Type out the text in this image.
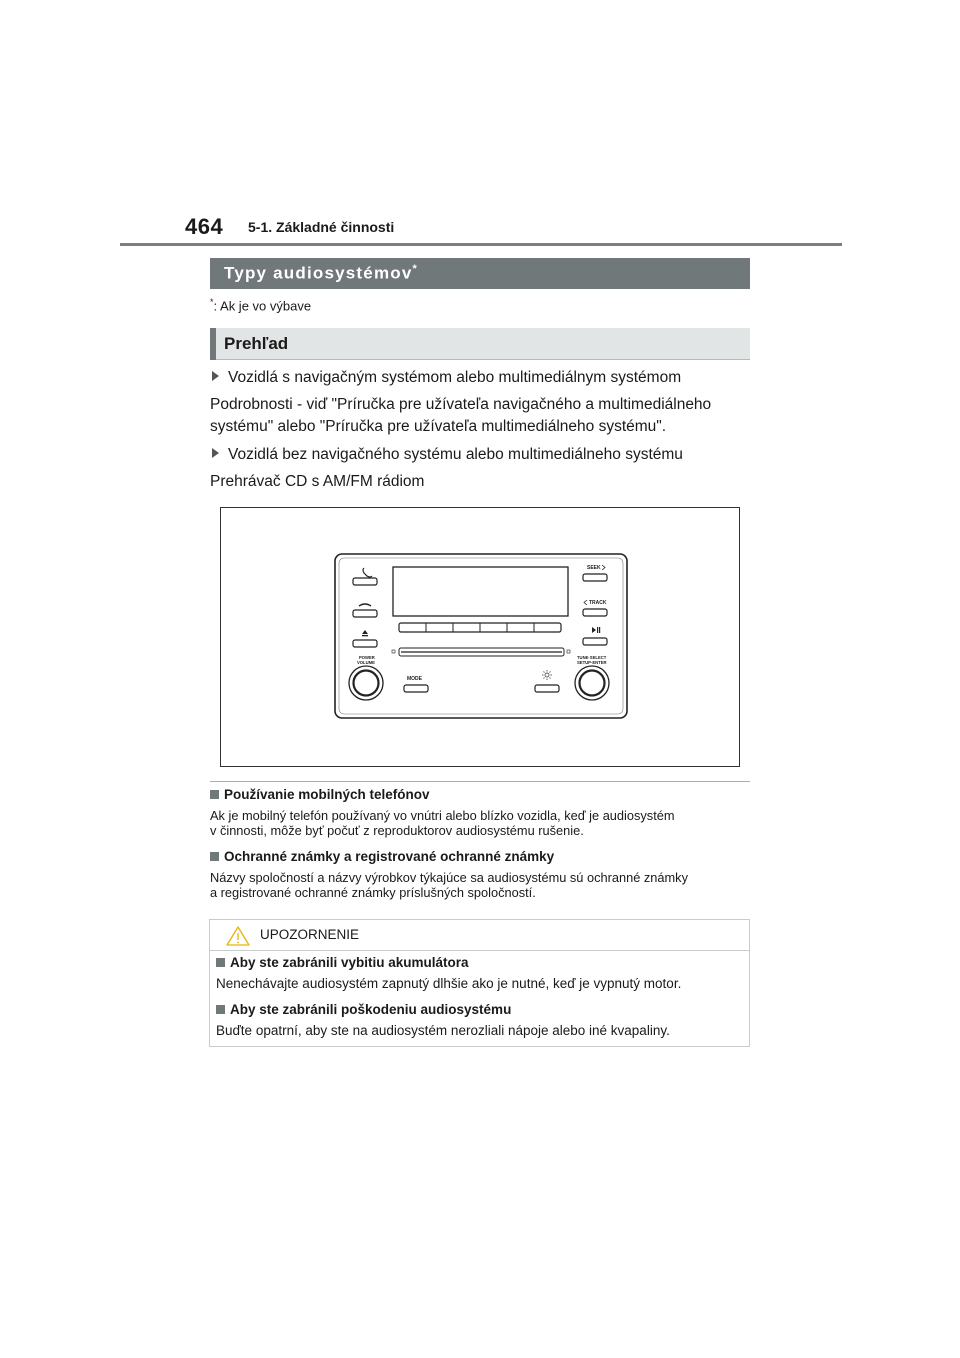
464 5-1. Základné činnosti
Typy audiosystémov*
*: Ak je vo výbave
Prehľad
Vozidlá s navigačným systémom alebo multimediálnym systémom
Podrobnosti - viď "Príručka pre užívateľa navigačného a multimediálneho
systému" alebo "Príručka pre užívateľa multimediálneho systému".
Vozidlá bez navigačného systému alebo multimediálneho systému
Prehrávač CD s AM/FM rádiom
SEEK
TRACK
POWER
VOLUME
TUNE·SELECT
SETUP·ENTER
MODE
Používanie mobilných telefónov
Ak je mobilný telefón používaný vo vnútri alebo blízko vozidla, keď je audiosystém
v činnosti, môže byť počuť z reproduktorov audiosystému rušenie.
Ochranné známky a registrované ochranné známky
Názvy spoločností a názvy výrobkov týkajúce sa audiosystému sú ochranné známky
a registrované ochranné známky príslušných spoločností.
UPOZORNENIE
Aby ste zabránili vybitiu akumulátora
Nenechávajte audiosystém zapnutý dlhšie ako je nutné, keď je vypnutý motor.
Aby ste zabránili poškodeniu audiosystému
Buďte opatrní, aby ste na audiosystém nerozliali nápoje alebo iné kvapaliny.
